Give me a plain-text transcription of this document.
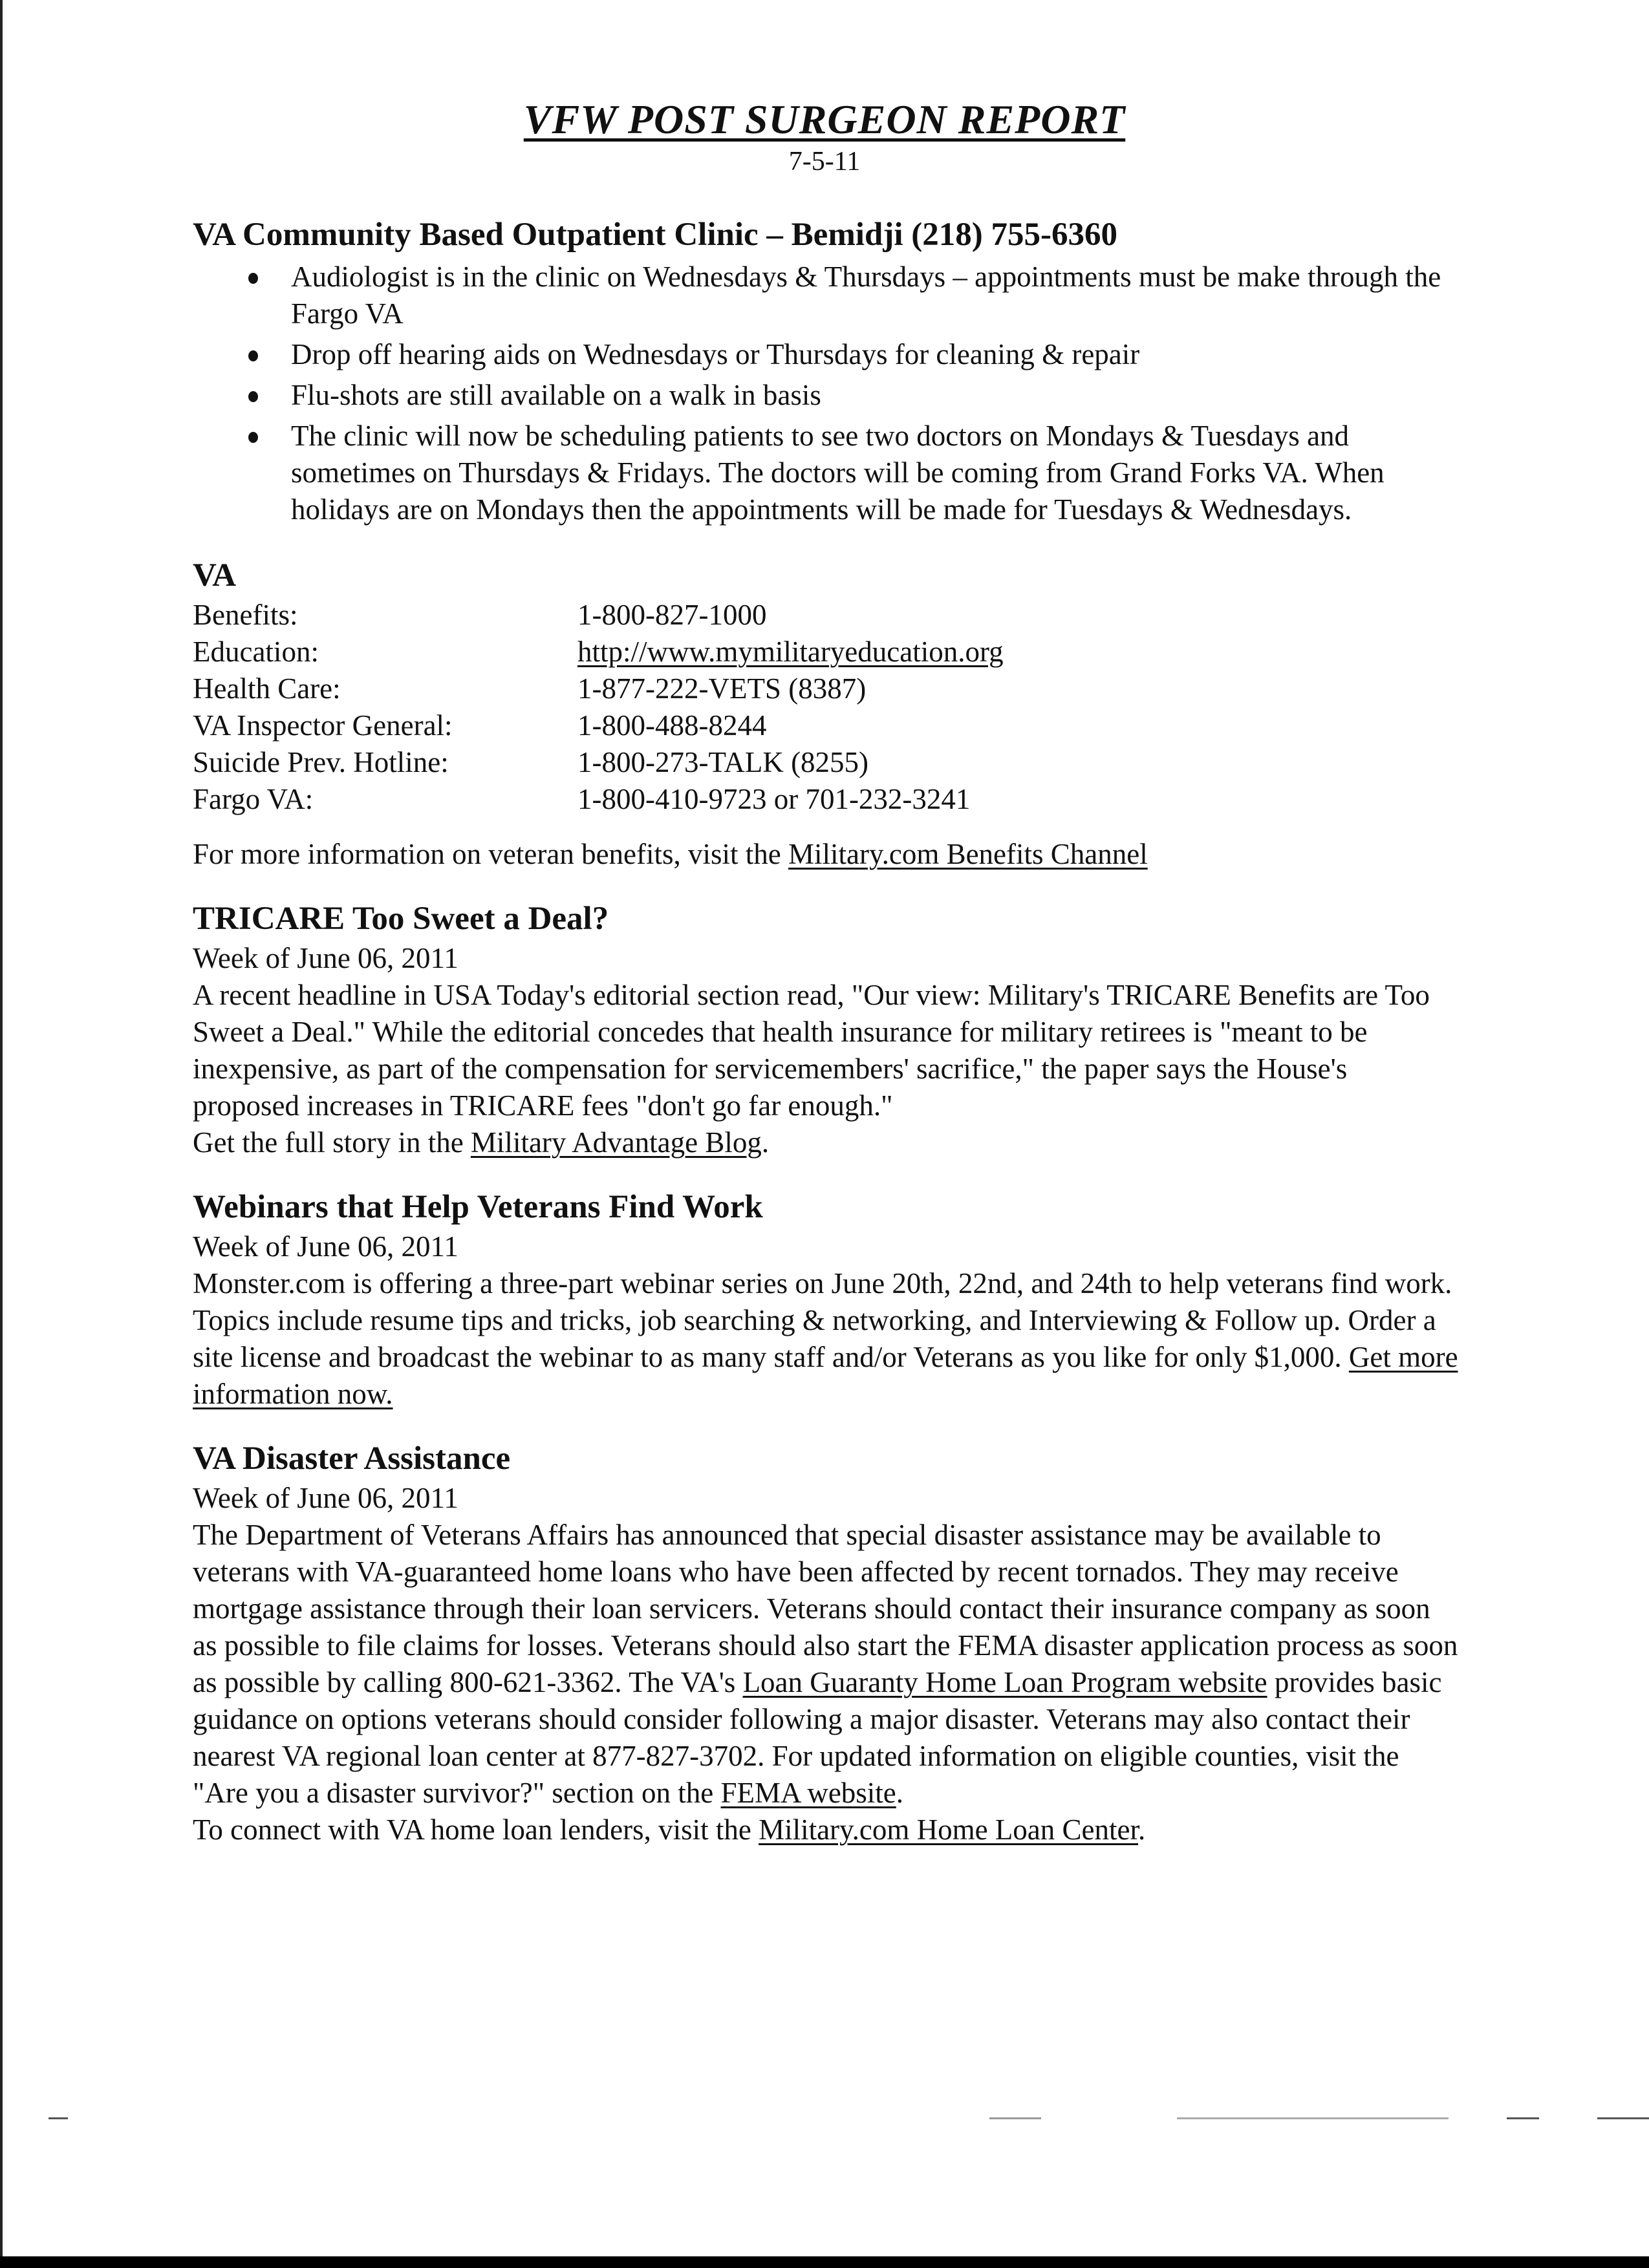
VFW POST SURGEON REPORT
7-5-11
VA Community Based Outpatient Clinic – Bemidji (218) 755-6360
Audiologist is in the clinic on Wednesdays & Thursdays – appointments must be make through the Fargo VA
Drop off hearing aids on Wednesdays or Thursdays for cleaning & repair
Flu-shots are still available on a walk in basis
The clinic will now be scheduling patients to see two doctors on Mondays & Tuesdays and sometimes on Thursdays & Fridays. The doctors will be coming from Grand Forks VA. When holidays are on Mondays then the appointments will be made for Tuesdays & Wednesdays.
VA
Benefits:	1-800-827-1000
Education:	http://www.mymilitaryeducation.org
Health Care:	1-877-222-VETS (8387)
VA Inspector General:	1-800-488-8244
Suicide Prev. Hotline:	1-800-273-TALK (8255)
Fargo VA:	1-800-410-9723 or 701-232-3241

For more information on veteran benefits, visit the Military.com Benefits Channel

TRICARE Too Sweet a Deal?

Week of June 06, 2011

A recent headline in USA Today's editorial section read, "Our view: Military's TRICARE Benefits are Too Sweet a Deal." While the editorial concedes that health insurance for military retirees is "meant to be inexpensive, as part of the compensation for servicemembers' sacrifice," the paper says the House's proposed increases in TRICARE fees "don't go far enough."

Get the full story in the Military Advantage Blog.

Webinars that Help Veterans Find Work

Week of June 06, 2011

Monster.com is offering a three-part webinar series on June 20th, 22nd, and 24th to help veterans find work. Topics include resume tips and tricks, job searching & networking, and Interviewing & Follow up. Order a site license and broadcast the webinar to as many staff and/or Veterans as you like for only $1,000. Get more information now.

VA Disaster Assistance

Week of June 06, 2011

The Department of Veterans Affairs has announced that special disaster assistance may be available to veterans with VA-guaranteed home loans who have been affected by recent tornados. They may receive mortgage assistance through their loan servicers. Veterans should contact their insurance company as soon as possible to file claims for losses. Veterans should also start the FEMA disaster application process as soon as possible by calling 800-621-3362. The VA's Loan Guaranty Home Loan Program website provides basic guidance on options veterans should consider following a major disaster. Veterans may also contact their nearest VA regional loan center at 877-827-3702. For updated information on eligible counties, visit the "Are you a disaster survivor?" section on the FEMA website.

To connect with VA home loan lenders, visit the Military.com Home Loan Center.
